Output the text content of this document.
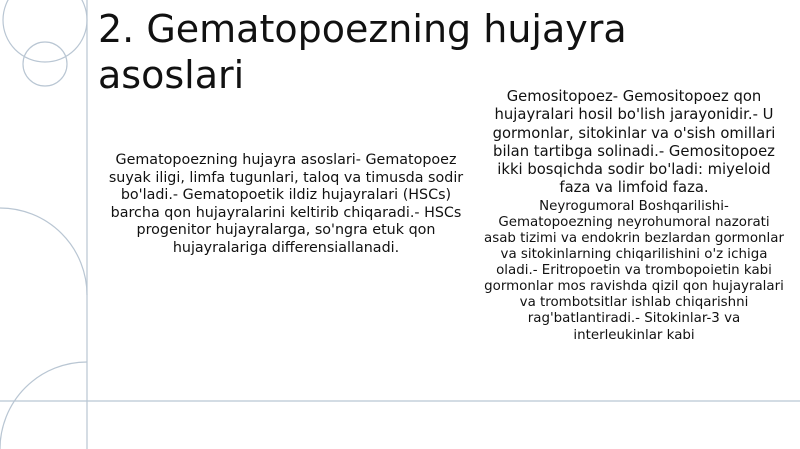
2. Gematopoezning hujayra asoslari
Gematopoezning hujayra asoslari- Gematopoez suyak iligi, limfa tugunlari, taloq va timusda sodir bo'ladi.- Gematopoetik ildiz hujayralari (HSCs) barcha qon hujayralarini keltirib chiqaradi.- HSCs progenitor hujayralarga, so'ngra etuk qon hujayralariga differensiallanadi.

Gemositopoez- Gemositopoez qon hujayralari hosil bo'lish jarayonidir.- U gormonlar, sitokinlar va o'sish omillari bilan tartibga solinadi.- Gemositopoez ikki bosqichda sodir bo'ladi: miyeloid faza va limfoid faza.

Neyrogumoral Boshqarilishi- Gematopoezning neyrohumoral nazorati asab tizimi va endokrin bezlardan gormonlar va sitokinlarning chiqarilishini o'z ichiga oladi.- Eritropoetin va trombopoietin kabi gormonlar mos ravishda qizil qon hujayralari va trombotsitlar ishlab chiqarishni rag'batlantiradi.- Sitokinlar-3 va interleukinlar kabi
